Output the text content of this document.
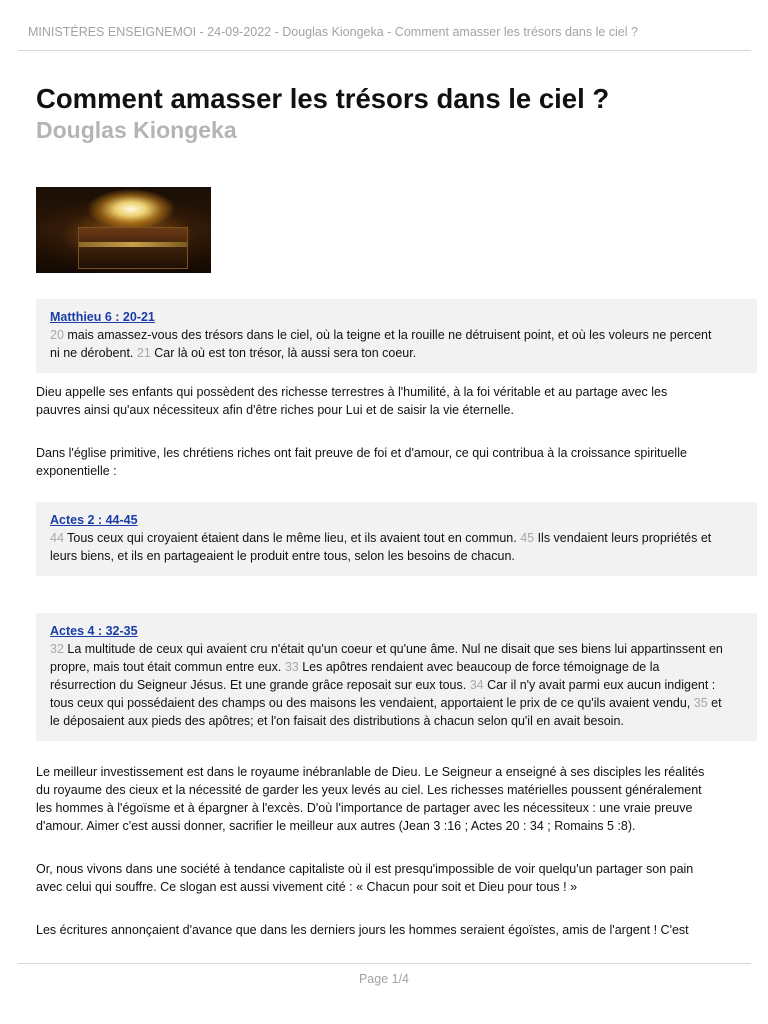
MINISTÉRES ENSEIGNEMOI - 24-09-2022 - Douglas Kiongeka - Comment amasser les trésors dans le ciel ?
Comment amasser les trésors dans le ciel ?
Douglas Kiongeka
Matthieu 6 : 20-21
20 mais amassez-vous des trésors dans le ciel, où la teigne et la rouille ne détruisent point, et où les voleurs ne percent
ni ne dérobent. 21 Car là où est ton trésor, là aussi sera ton coeur.
Dieu appelle ses enfants qui possèdent des richesse terrestres à l'humilité, à la foi véritable et au partage avec les
pauvres ainsi qu'aux nécessiteux afin d'être riches pour Lui et de saisir la vie éternelle.
Dans l'église primitive, les chrétiens riches ont fait preuve de foi et d'amour, ce qui contribua à la croissance spirituelle
exponentielle :
Actes 2 : 44-45
44 Tous ceux qui croyaient étaient dans le même lieu, et ils avaient tout en commun. 45 Ils vendaient leurs propriétés et
leurs biens, et ils en partageaient le produit entre tous, selon les besoins de chacun.
Actes 4 : 32-35
32 La multitude de ceux qui avaient cru n'était qu'un coeur et qu'une âme. Nul ne disait que ses biens lui appartinssent en
propre, mais tout était commun entre eux. 33 Les apôtres rendaient avec beaucoup de force témoignage de la
résurrection du Seigneur Jésus. Et une grande grâce reposait sur eux tous. 34 Car il n'y avait parmi eux aucun indigent :
tous ceux qui possédaient des champs ou des maisons les vendaient, apportaient le prix de ce qu'ils avaient vendu, 35 et
le déposaient aux pieds des apôtres; et l'on faisait des distributions à chacun selon qu'il en avait besoin.
Le meilleur investissement est dans le royaume inébranlable de Dieu. Le Seigneur a enseigné à ses disciples les réalités
du royaume des cieux et la nécessité de garder les yeux levés au ciel. Les richesses matérielles poussent généralement
les hommes à l'égoïsme et à épargner à l'excès. D'où l'importance de partager avec les nécessiteux : une vraie preuve
d'amour. Aimer c'est aussi donner, sacrifier le meilleur aux autres (Jean 3 :16 ; Actes 20 : 34 ; Romains 5 :8).
Or, nous vivons dans une société à tendance capitaliste où il est presqu'impossible de voir quelqu'un partager son pain
avec celui qui souffre. Ce slogan est aussi vivement cité : « Chacun pour soit et Dieu pour tous ! »
Les écritures annonçaient d'avance que dans les derniers jours les hommes seraient égoïstes, amis de l'argent ! C'est
Page 1/4
